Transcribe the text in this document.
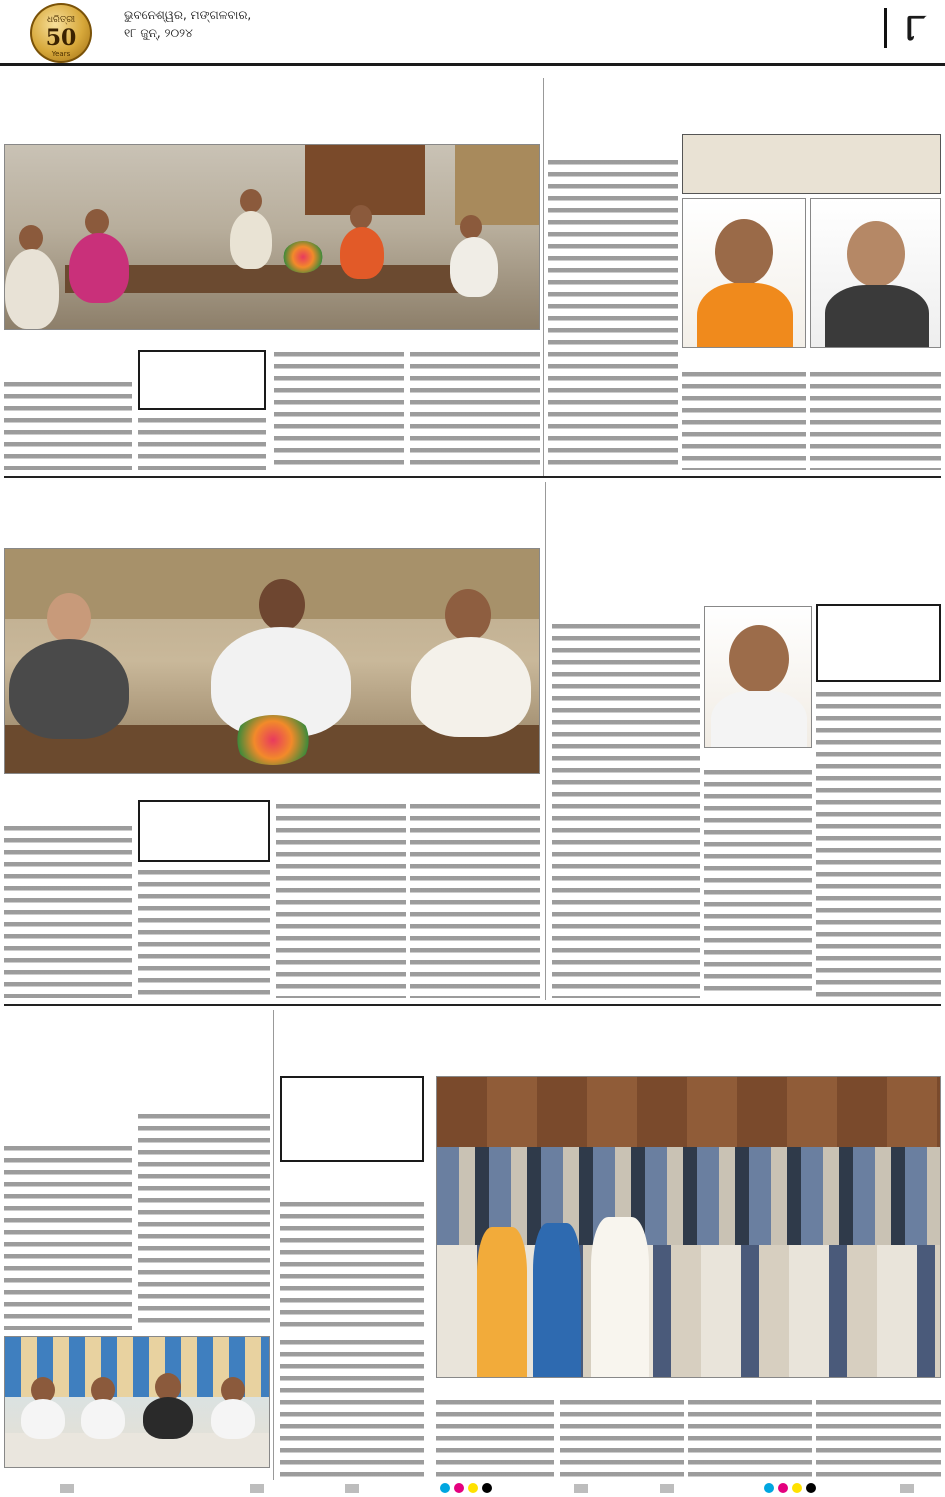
ଧରିତ୍ରୀ
50
Years
ଭୁବନେଶ୍ୱର, ମଙ୍ଗଳବାର,
୧୮ ଜୁନ୍, ୨୦୨୪	୮
